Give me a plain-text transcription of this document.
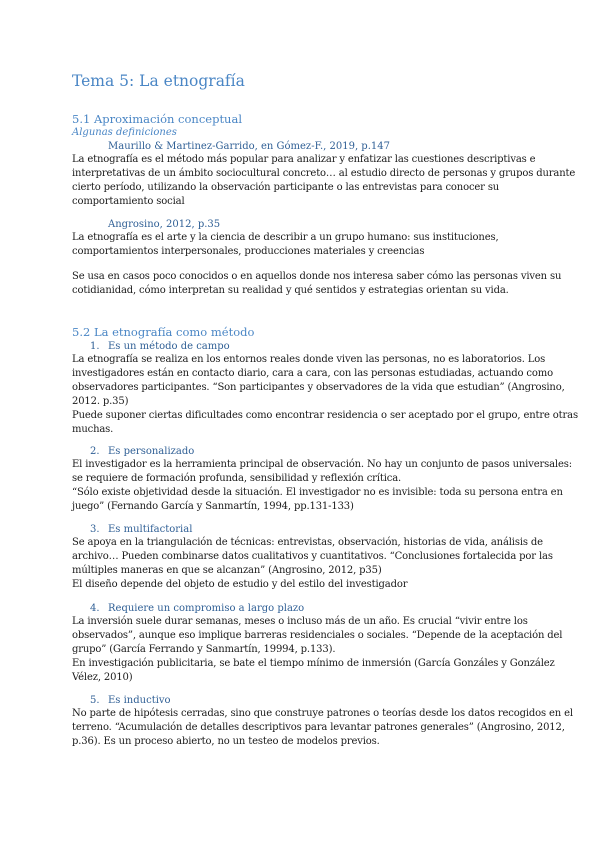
Tema 5: La etnografía
5.1 Aproximación conceptual
Algunas definiciones
Maurillo & Martinez-Garrido, en Gómez-F., 2019, p.147
La etnografía es el método más popular para analizar y enfatizar las cuestiones descriptivas e
interpretativas de un ámbito sociocultural concreto… al estudio directo de personas y grupos durante
cierto período, utilizando la observación participante o las entrevistas para conocer su
comportamiento social
Angrosino, 2012, p.35
La etnografía es el arte y la ciencia de describir a un grupo humano: sus instituciones,
comportamientos interpersonales, producciones materiales y creencias
Se usa en casos poco conocidos o en aquellos donde nos interesa saber cómo las personas viven su
cotidianidad, cómo interpretan su realidad y qué sentidos y estrategias orientan su vida.
5.2 La etnografía como método
1. Es un método de campo
La etnografía se realiza en los entornos reales donde viven las personas, no es laboratorios. Los
investigadores están en contacto diario, cara a cara, con las personas estudiadas, actuando como
observadores participantes. “Son participantes y observadores de la vida que estudian” (Angrosino,
2012. p.35)
Puede suponer ciertas dificultades como encontrar residencia o ser aceptado por el grupo, entre otras
muchas.
2. Es personalizado
El investigador es la herramienta principal de observación. No hay un conjunto de pasos universales:
se requiere de formación profunda, sensibilidad y reflexión crítica.
“Sólo existe objetividad desde la situación. El investigador no es invisible: toda su persona entra en
juego” (Fernando García y Sanmartín, 1994, pp.131-133)
3. Es multifactorial
Se apoya en la triangulación de técnicas: entrevistas, observación, historias de vida, análisis de
archivo… Pueden combinarse datos cualitativos y cuantitativos. “Conclusiones fortalecida por las
múltiples maneras en que se alcanzan” (Angrosino, 2012, p35)
El diseño depende del objeto de estudio y del estilo del investigador
4. Requiere un compromiso a largo plazo
La inversión suele durar semanas, meses o incluso más de un año. Es crucial “vivir entre los
observados”, aunque eso implique barreras residenciales o sociales. “Depende de la aceptación del
grupo” (García Ferrando y Sanmartín, 19994, p.133).
En investigación publicitaria, se bate el tiempo mínimo de inmersión (García Gonzáles y González
Vélez, 2010)
5. Es inductivo
No parte de hipótesis cerradas, sino que construye patrones o teorías desde los datos recogidos en el
terreno. “Acumulación de detalles descriptivos para levantar patrones generales” (Angrosino, 2012,
p.36). Es un proceso abierto, no un testeo de modelos previos.
